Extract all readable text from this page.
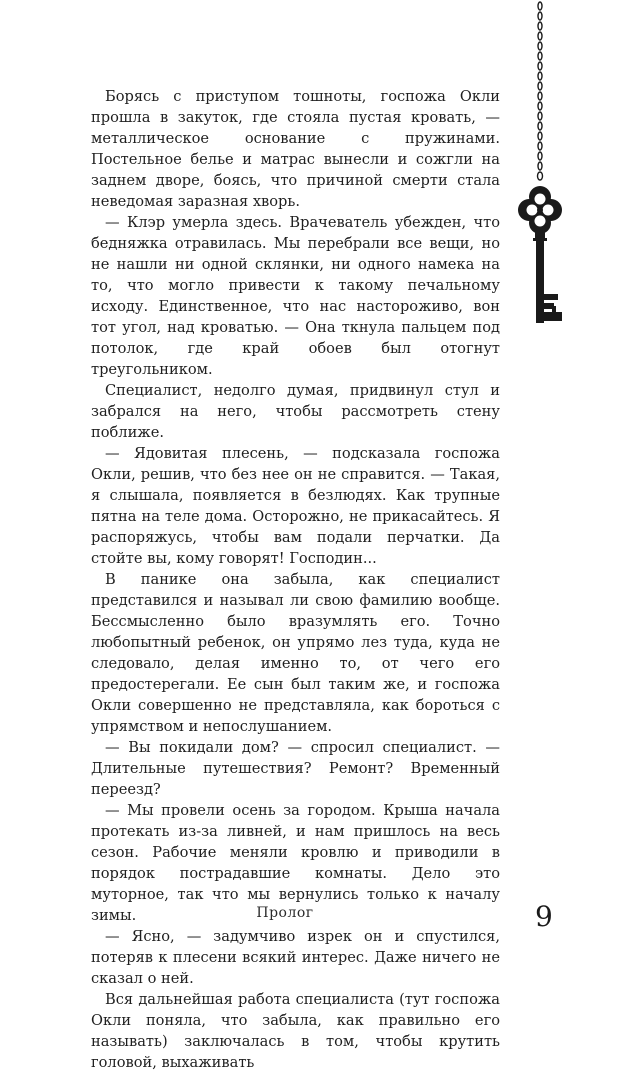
Борясь с приступом тошноты, госпожа Окли прошла в закуток, где стояла пустая кровать, — металлическое основание с пружинами. Постельное белье и матрас вынесли и сожгли на заднем дворе, боясь, что причиной смерти стала неведомая заразная хворь.

— Клэр умерла здесь. Врачеватель убежден, что бедняжка отравилась. Мы перебрали все вещи, но не нашли ни одной склянки, ни одного намека на то, что могло привести к такому печальному исходу. Единственное, что нас настороживо, вон тот угол, над кроватью. — Она ткнула пальцем под потолок, где край обоев был отогнут треугольником.

Специалист, недолго думая, придвинул стул и забрался на него, чтобы рассмотреть стену поближе.

— Ядовитая плесень, — подсказала госпожа Окли, решив, что без нее он не справится. — Такая, я слышала, появляется в безлюдях. Как трупные пятна на теле дома. Осторожно, не прикасайтесь. Я распоряжусь, чтобы вам подали перчатки. Да стойте вы, кому говорят! Господин...

В панике она забыла, как специалист представился и называл ли свою фамилию вообще. Бессмысленно было вразумлять его. Точно любопытный ребенок, он упрямо лез туда, куда не следовало, делая именно то, от чего его предостерегали. Ее сын был таким же, и госпожа Окли совершенно не представляла, как бороться с упрямством и непослушанием.

— Вы покидали дом? — спросил специалист. — Длительные путешествия? Ремонт? Временный переезд?

— Мы провели осень за городом. Крыша начала протекать из-за ливней, и нам пришлось на весь сезон. Рабочие меняли кровлю и приводили в порядок пострадавшие комнаты. Дело это муторное, так что мы вернулись только к началу зимы.

— Ясно, — задумчиво изрек он и спустился, потеряв к плесени всякий интерес. Даже ничего не сказал о ней.

Вся дальнейшая работа специалиста (тут госпожа Окли поняла, что забыла, как правильно его называть) заключалась в том, чтобы крутить головой, выхаживать

Пролог	9
